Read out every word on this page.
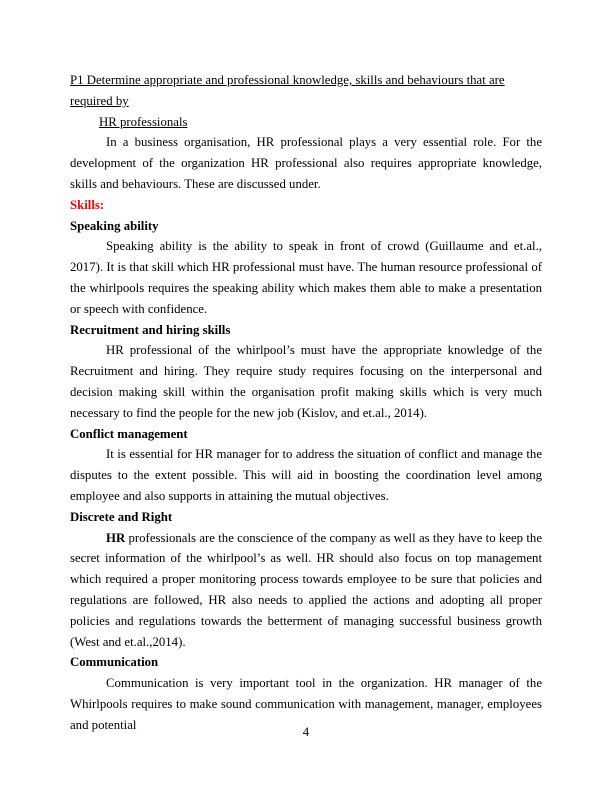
P1 Determine appropriate and professional knowledge, skills and behaviours that are required by
HR professionals

In a business organisation, HR professional plays a very essential role. For the development of the organization HR professional also requires appropriate knowledge, skills and behaviours. These are discussed under.

Skills:
Speaking ability

Speaking ability is the ability to speak in front of crowd (Guillaume and et.al., 2017). It is that skill which HR professional must have. The human resource professional of the whirlpools requires the speaking ability which makes them able to make a presentation or speech with confidence.

Recruitment and hiring skills

HR professional of the whirlpool’s must have the appropriate knowledge of the Recruitment and hiring. They require study requires focusing on the interpersonal and decision making skill within the organisation profit making skills which is very much necessary to find the people for the new job (Kislov, and et.al., 2014).

Conflict management

It is essential for HR manager for to address the situation of conflict and manage the disputes to the extent possible. This will aid in boosting the coordination level among employee and also supports in attaining the mutual objectives.

Discrete and Right

HR professionals are the conscience of the company as well as they have to keep the secret information of the whirlpool’s as well. HR should also focus on top management which required a proper monitoring process towards employee to be sure that policies and regulations are followed, HR also needs to applied the actions and adopting all proper policies and regulations towards the betterment of managing successful business growth (West and et.al.,2014).

Communication

Communication is very important tool in the organization. HR manager of the Whirlpools requires to make sound communication with management, manager, employees and potential

4
